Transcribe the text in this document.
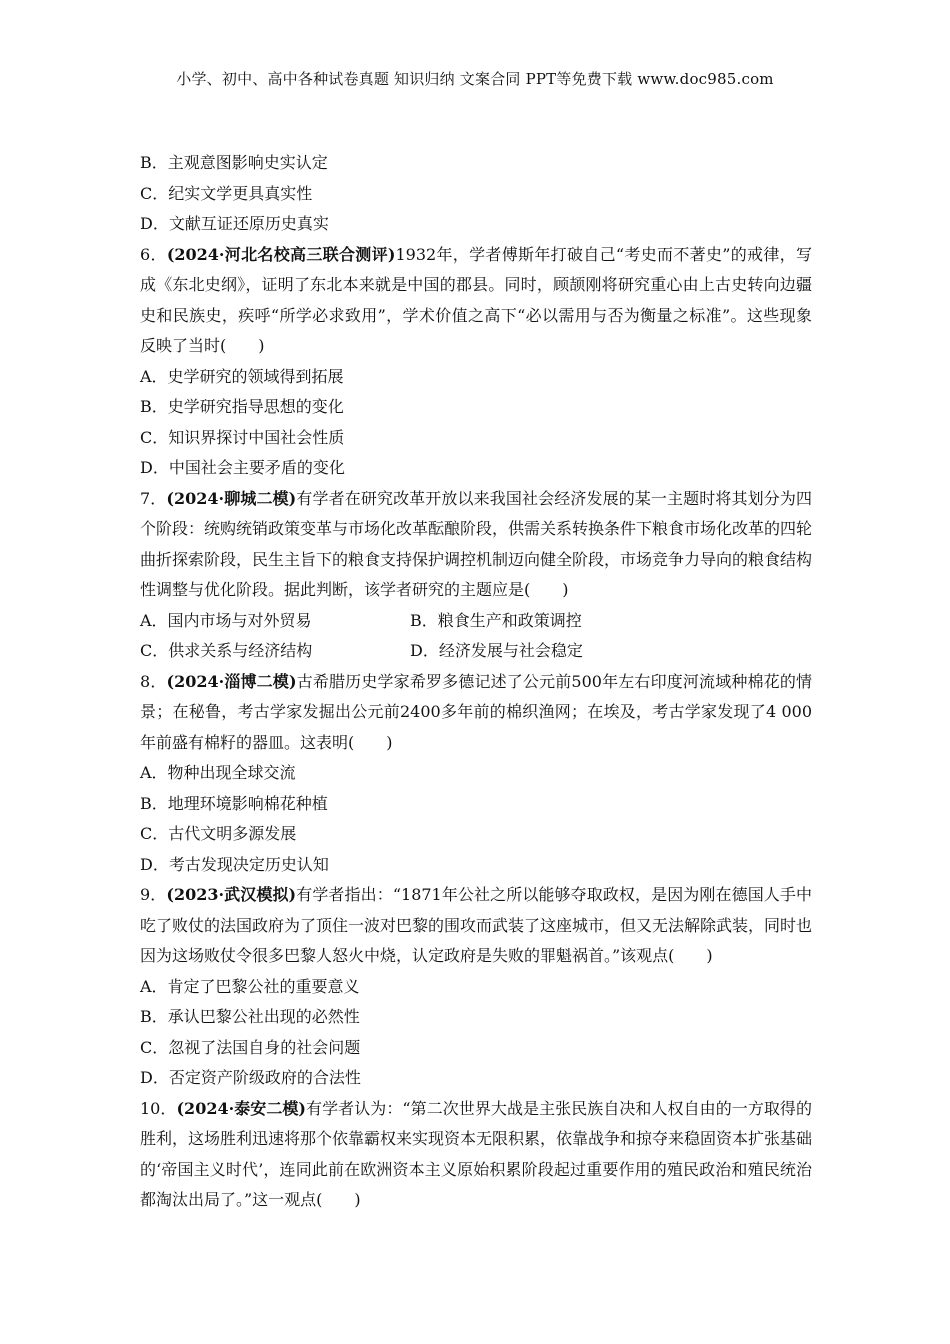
小学、初中、高中各种试卷真题 知识归纳 文案合同 PPT等免费下载 www.doc985.com
B．主观意图影响史实认定
C．纪实文学更具真实性
D．文献互证还原历史真实
6．(2024·河北名校高三联合测评)1932年，学者傅斯年打破自己“考史而不著史”的戒律，写成《东北史纲》，证明了东北本来就是中国的郡县。同时，顾颉刚将研究重心由上古史转向边疆史和民族史，疾呼“所学必求致用”，学术价值之高下“必以需用与否为衡量之标准”。这些现象反映了当时(　　)
A．史学研究的领域得到拓展
B．史学研究指导思想的变化
C．知识界探讨中国社会性质
D．中国社会主要矛盾的变化
7．(2024·聊城二模)有学者在研究改革开放以来我国社会经济发展的某一主题时将其划分为四个阶段：统购统销政策变革与市场化改革酝酿阶段，供需关系转换条件下粮食市场化改革的四轮曲折探索阶段，民生主旨下的粮食支持保护调控机制迈向健全阶段，市场竞争力导向的粮食结构性调整与优化阶段。据此判断，该学者研究的主题应是(　　)
A．国内市场与对外贸易	B．粮食生产和政策调控
C．供求关系与经济结构	D．经济发展与社会稳定
8．(2024·淄博二模)古希腊历史学家希罗多德记述了公元前500年左右印度河流域种棉花的情景；在秘鲁，考古学家发掘出公元前2400多年前的棉织渔网；在埃及，考古学家发现了4 000年前盛有棉籽的器皿。这表明(　　)
A．物种出现全球交流
B．地理环境影响棉花种植
C．古代文明多源发展
D．考古发现决定历史认知
9．(2023·武汉模拟)有学者指出：“1871年公社之所以能够夺取政权，是因为刚在德国人手中吃了败仗的法国政府为了顶住一波对巴黎的围攻而武装了这座城市，但又无法解除武装，同时也因为这场败仗令很多巴黎人怒火中烧，认定政府是失败的罪魁祸首。”该观点(　　)
A．肯定了巴黎公社的重要意义
B．承认巴黎公社出现的必然性
C．忽视了法国自身的社会问题
D．否定资产阶级政府的合法性
10．(2024·泰安二模)有学者认为：“第二次世界大战是主张民族自决和人权自由的一方取得的胜利，这场胜利迅速将那个依靠霸权来实现资本无限积累，依靠战争和掠夺来稳固资本扩张基础的‘帝国主义时代’，连同此前在欧洲资本主义原始积累阶段起过重要作用的殖民政治和殖民统治都淘汰出局了。”这一观点(　　)
